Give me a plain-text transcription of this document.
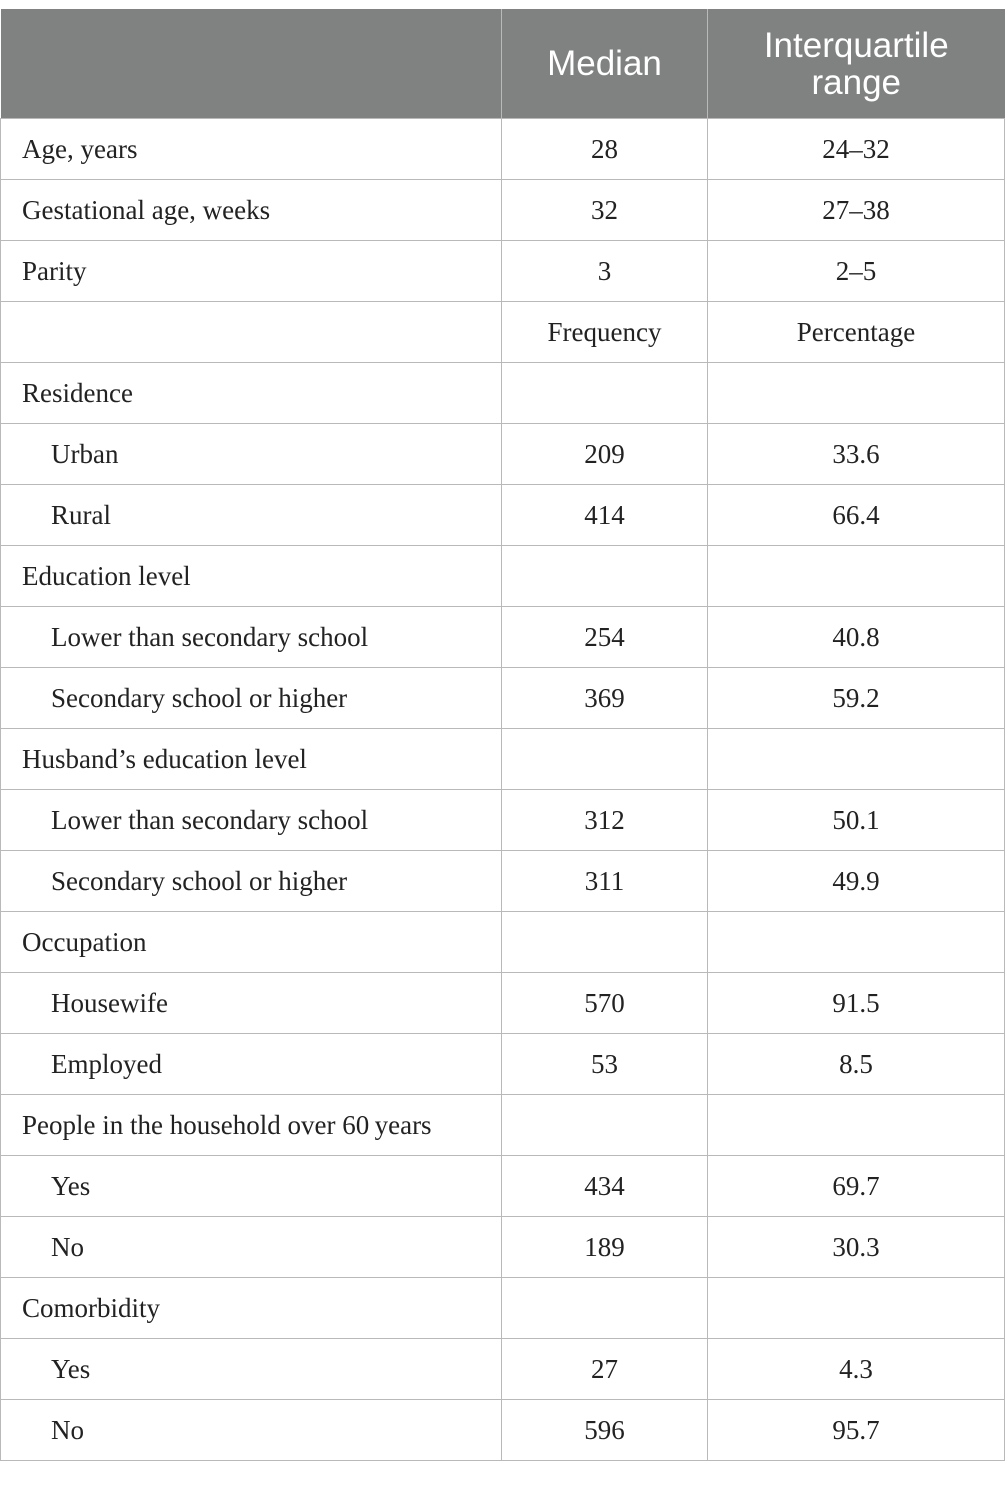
	Median	Interquartile range
Age, years	28	24–32
Gestational age, weeks	32	27–38
Parity	3	2–5
	Frequency	Percentage
Residence		
Urban	209	33.6
Rural	414	66.4
Education level		
Lower than secondary school	254	40.8
Secondary school or higher	369	59.2
Husband’s education level		
Lower than secondary school	312	50.1
Secondary school or higher	311	49.9
Occupation		
Housewife	570	91.5
Employed	53	8.5
People in the household over 60 years		
Yes	434	69.7
No	189	30.3
Comorbidity		
Yes	27	4.3
No	596	95.7
